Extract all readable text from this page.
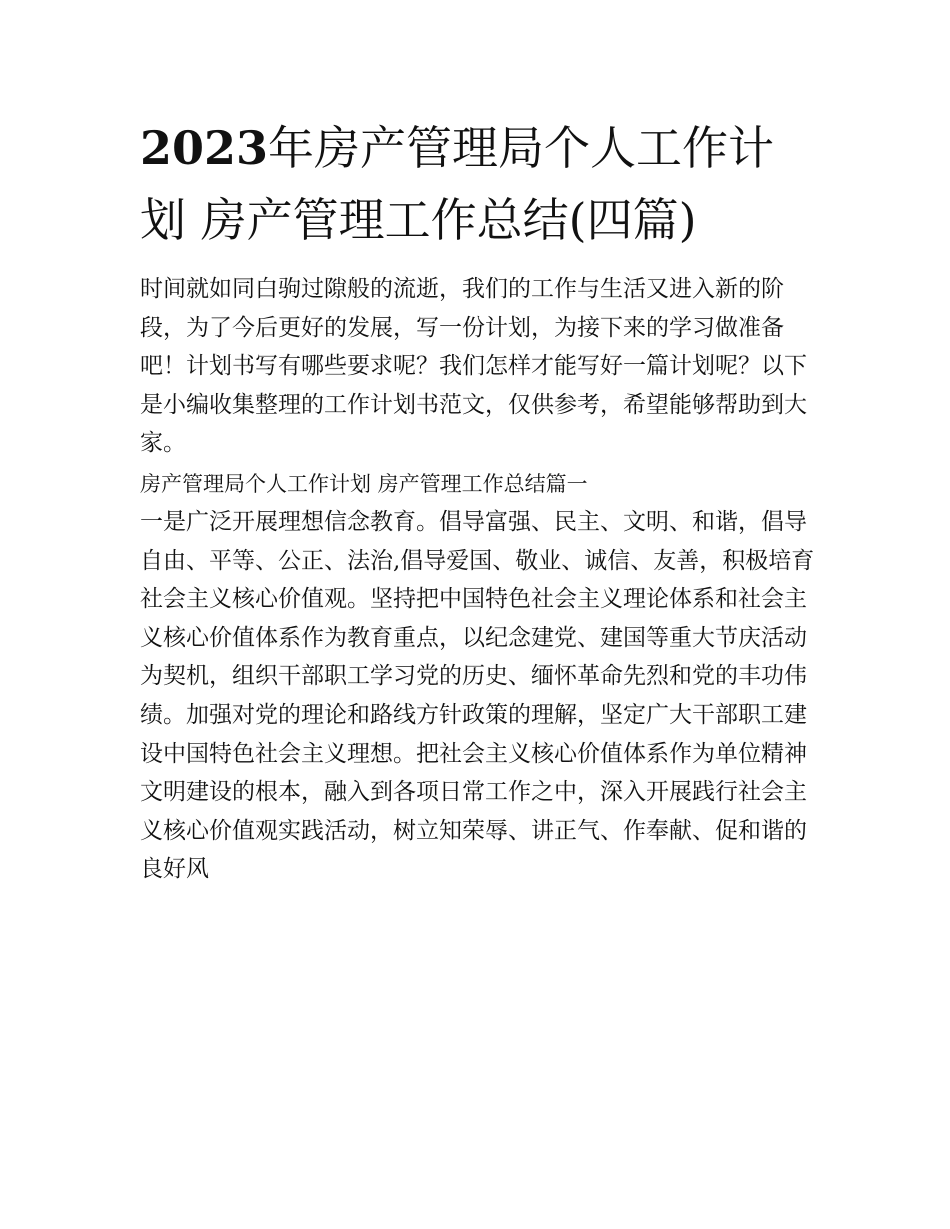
2023年房产管理局个人工作计划 房产管理工作总结(四篇)

时间就如同白驹过隙般的流逝，我们的工作与生活又进入新的阶段，为了今后更好的发展，写一份计划，为接下来的学习做准备吧！计划书写有哪些要求呢？我们怎样才能写好一篇计划呢？以下是小编收集整理的工作计划书范文，仅供参考，希望能够帮助到大家。

房产管理局个人工作计划 房产管理工作总结篇一

一是广泛开展理想信念教育。倡导富强、民主、文明、和谐，倡导自由、平等、公正、法治,倡导爱国、敬业、诚信、友善，积极培育社会主义核心价值观。坚持把中国特色社会主义理论体系和社会主义核心价值体系作为教育重点，以纪念建党、建国等重大节庆活动为契机，组织干部职工学习党的历史、缅怀革命先烈和党的丰功伟绩。加强对党的理论和路线方针政策的理解，坚定广大干部职工建设中国特色社会主义理想。把社会主义核心价值体系作为单位精神文明建设的根本，融入到各项日常工作之中，深入开展践行社会主义核心价值观实践活动，树立知荣辱、讲正气、作奉献、促和谐的良好风
